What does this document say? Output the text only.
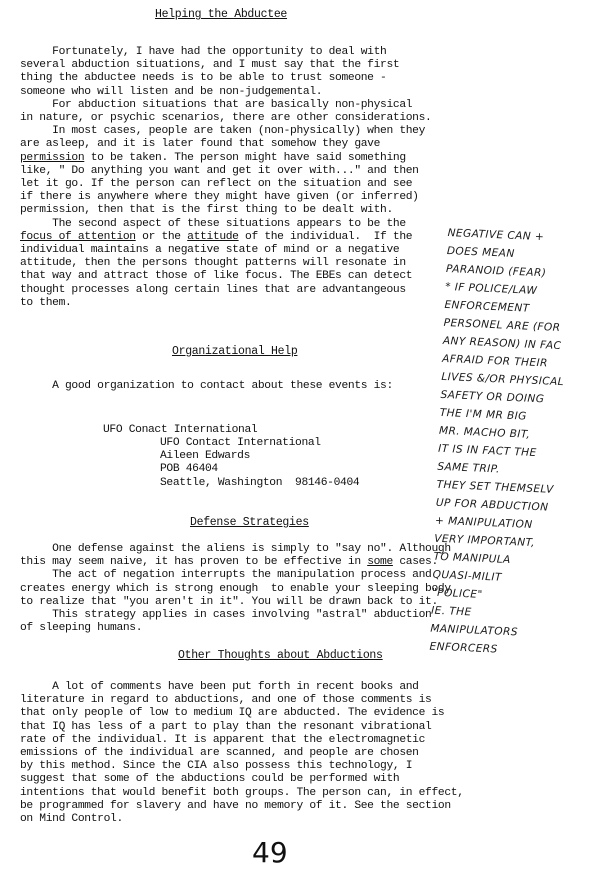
Helping the Abductee
Fortunately, I have had the opportunity to deal with
several abduction situations, and I must say that the first
thing the abductee needs is to be able to trust someone -
someone who will listen and be non-judgemental.
For abduction situations that are basically non-physical
in nature, or psychic scenarios, there are other considerations.
In most cases, people are taken (non-physically) when they
are asleep, and it is later found that somehow they gave
permission to be taken. The person might have said something
like, " Do anything you want and get it over with..." and then
let it go. If the person can reflect on the situation and see
if there is anywhere where they might have given (or inferred)
permission, then that is the first thing to be dealt with.
The second aspect of these situations appears to be the
focus of attention or the attitude of the individual.  If the
individual maintains a negative state of mind or a negative
attitude, then the persons thought patterns will resonate in
that way and attract those of like focus. The EBEs can detect
thought processes along certain lines that are advantangeous
to them.
Organizational Help
A good organization to contact about these events is:
UFO Conact International
UFO Contact International
Aileen Edwards
POB 46404
Seattle, Washington  98146-0404
Defense Strategies
One defense against the aliens is simply to "say no". Although
this may seem naive, it has proven to be effective in some cases.
The act of negation interrupts the manipulation process and
creates energy which is strong enough  to enable your sleeping body
to realize that "you aren't in it". You will be drawn back to it.
This strategy applies in cases involving "astral" abduction
of sleeping humans.
Other Thoughts about Abductions
A lot of comments have been put forth in recent books and
literature in regard to abductions, and one of those comments is
that only people of low to medium IQ are abducted. The evidence is
that IQ has less of a part to play than the resonant vibrational
rate of the individual. It is apparent that the electromagnetic
emissions of the individual are scanned, and people are chosen
by this method. Since the CIA also possess this technology, I
suggest that some of the abductions could be performed with
intentions that would benefit both groups. The person can, in effect,
be programmed for slavery and have no memory of it. See the section
on Mind Control.
NEGATIVE CAN +
DOES MEAN
PARANOID (FEAR)
* IF POLICE/LAW
ENFORCEMENT
PERSONEL ARE (FOR
ANY REASON) IN FAC
AFRAID FOR THEIR
LIVES &/OR PHYSICAL
SAFETY OR DOING
THE I'M MR BIG
MR. MACHO BIT,
IT IS IN FACT THE
SAME TRIP.
THEY SET THEMSELV
UP FOR ABDUCTION
+ MANIPULATION
VERY IMPORTANT,
TO MANIPULA
QUASI-MILIT
"POLICE"
IE. THE
MANIPULATORS
ENFORCERS
49
